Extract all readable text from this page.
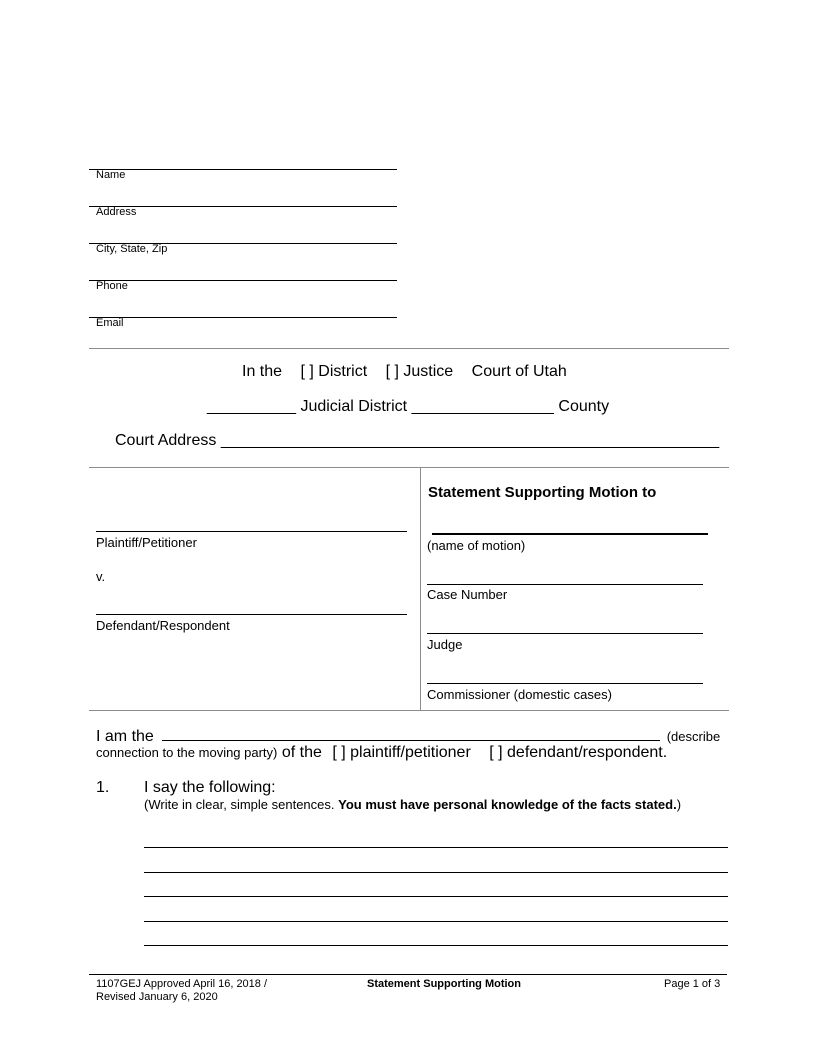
Name
Address
City, State, Zip
Phone
Email
In the [ ] District [ ] Justice Court of Utah
__________ Judicial District ________________ County
Court Address ________________________________________________________
Plaintiff/Petitioner
v.
Defendant/Respondent
Statement Supporting Motion to
(name of motion)
Case Number
Judge
Commissioner (domestic cases)
I am the	(describe
connection to the moving party) of the [ ] plaintiff/petitioner [ ] defendant/respondent.
1. I say the following:
(Write in clear, simple sentences. You must have personal knowledge of the facts stated.)
1107GEJ Approved April 16, 2018 /
Revised January 6, 2020
Statement Supporting Motion	Page 1 of 3
